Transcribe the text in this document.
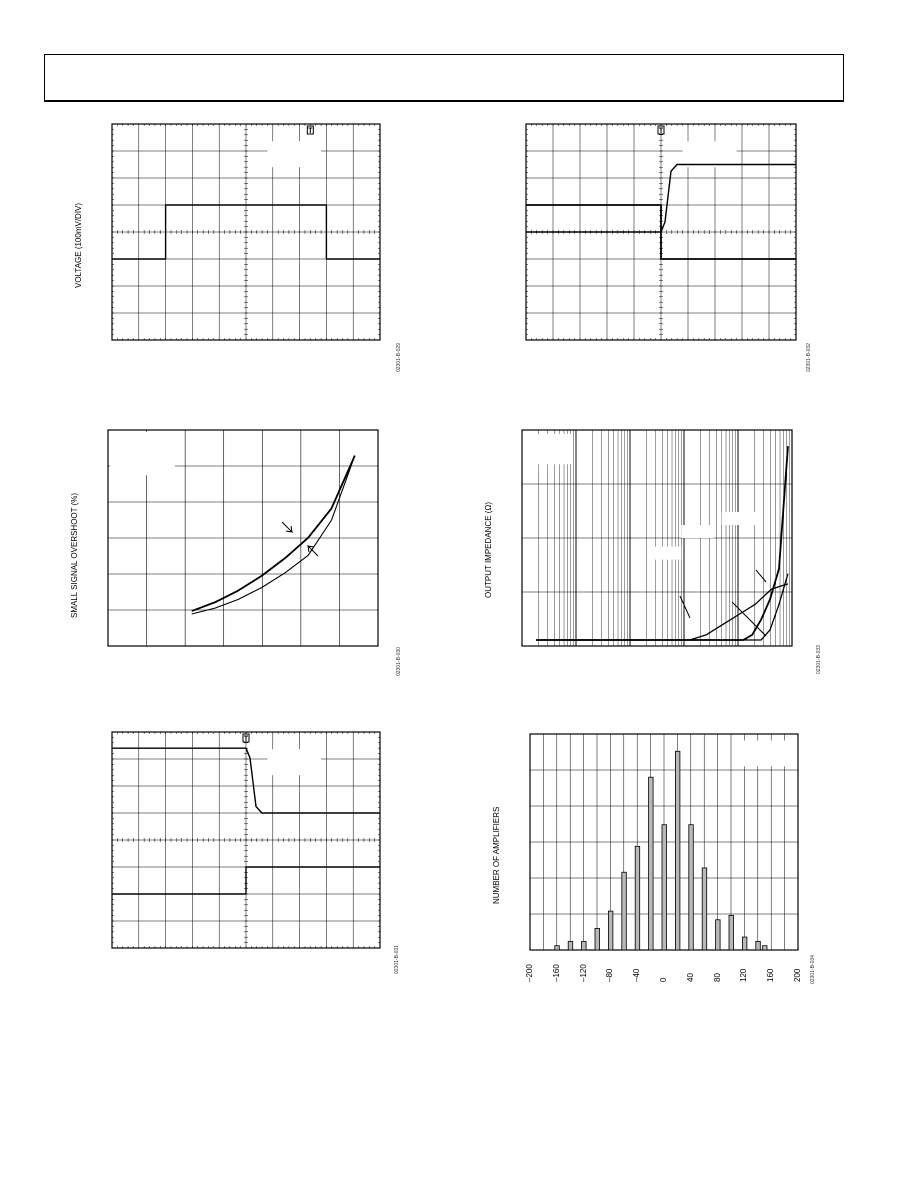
VOLTAGE (100mV/DIV)
02301-B-029	02301-B-032
SMALL SIGNAL OVERSHOOT (%)
02301-B-030
OUTPUT IMPEDANCE (Ω)
02301-B-033
02301-B-031
NUMBER OF AMPLIFIERS
02301-B-034
–200 –160 –120 –80 –40 0 40 80 120 160 200
